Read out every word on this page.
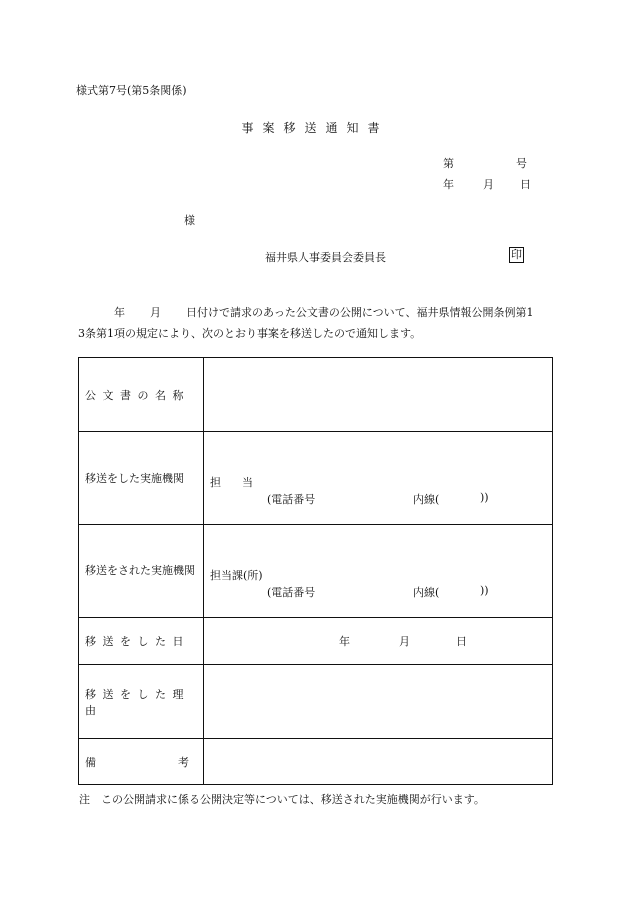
様式第7号(第5条関係)
事案移送通知書
第	号
年	月 日
様
福井県人事委員会委員長	印

年 月 日付けで請求のあった公文書の公開について、福井県情報公開条例第1

3条第1項の規定により、次のとおり事案を移送したので通知します。

公文書の名称	
移送をした実施機関	担 当
(電話番号 内線( ))

移送をされた実施機関	担当課(所)
(電話番号 内線( ))

移送をした日	年 月 日

移送をした理由	

備 考	

注　この公開請求に係る公開決定等については、移送された実施機関が行います。
